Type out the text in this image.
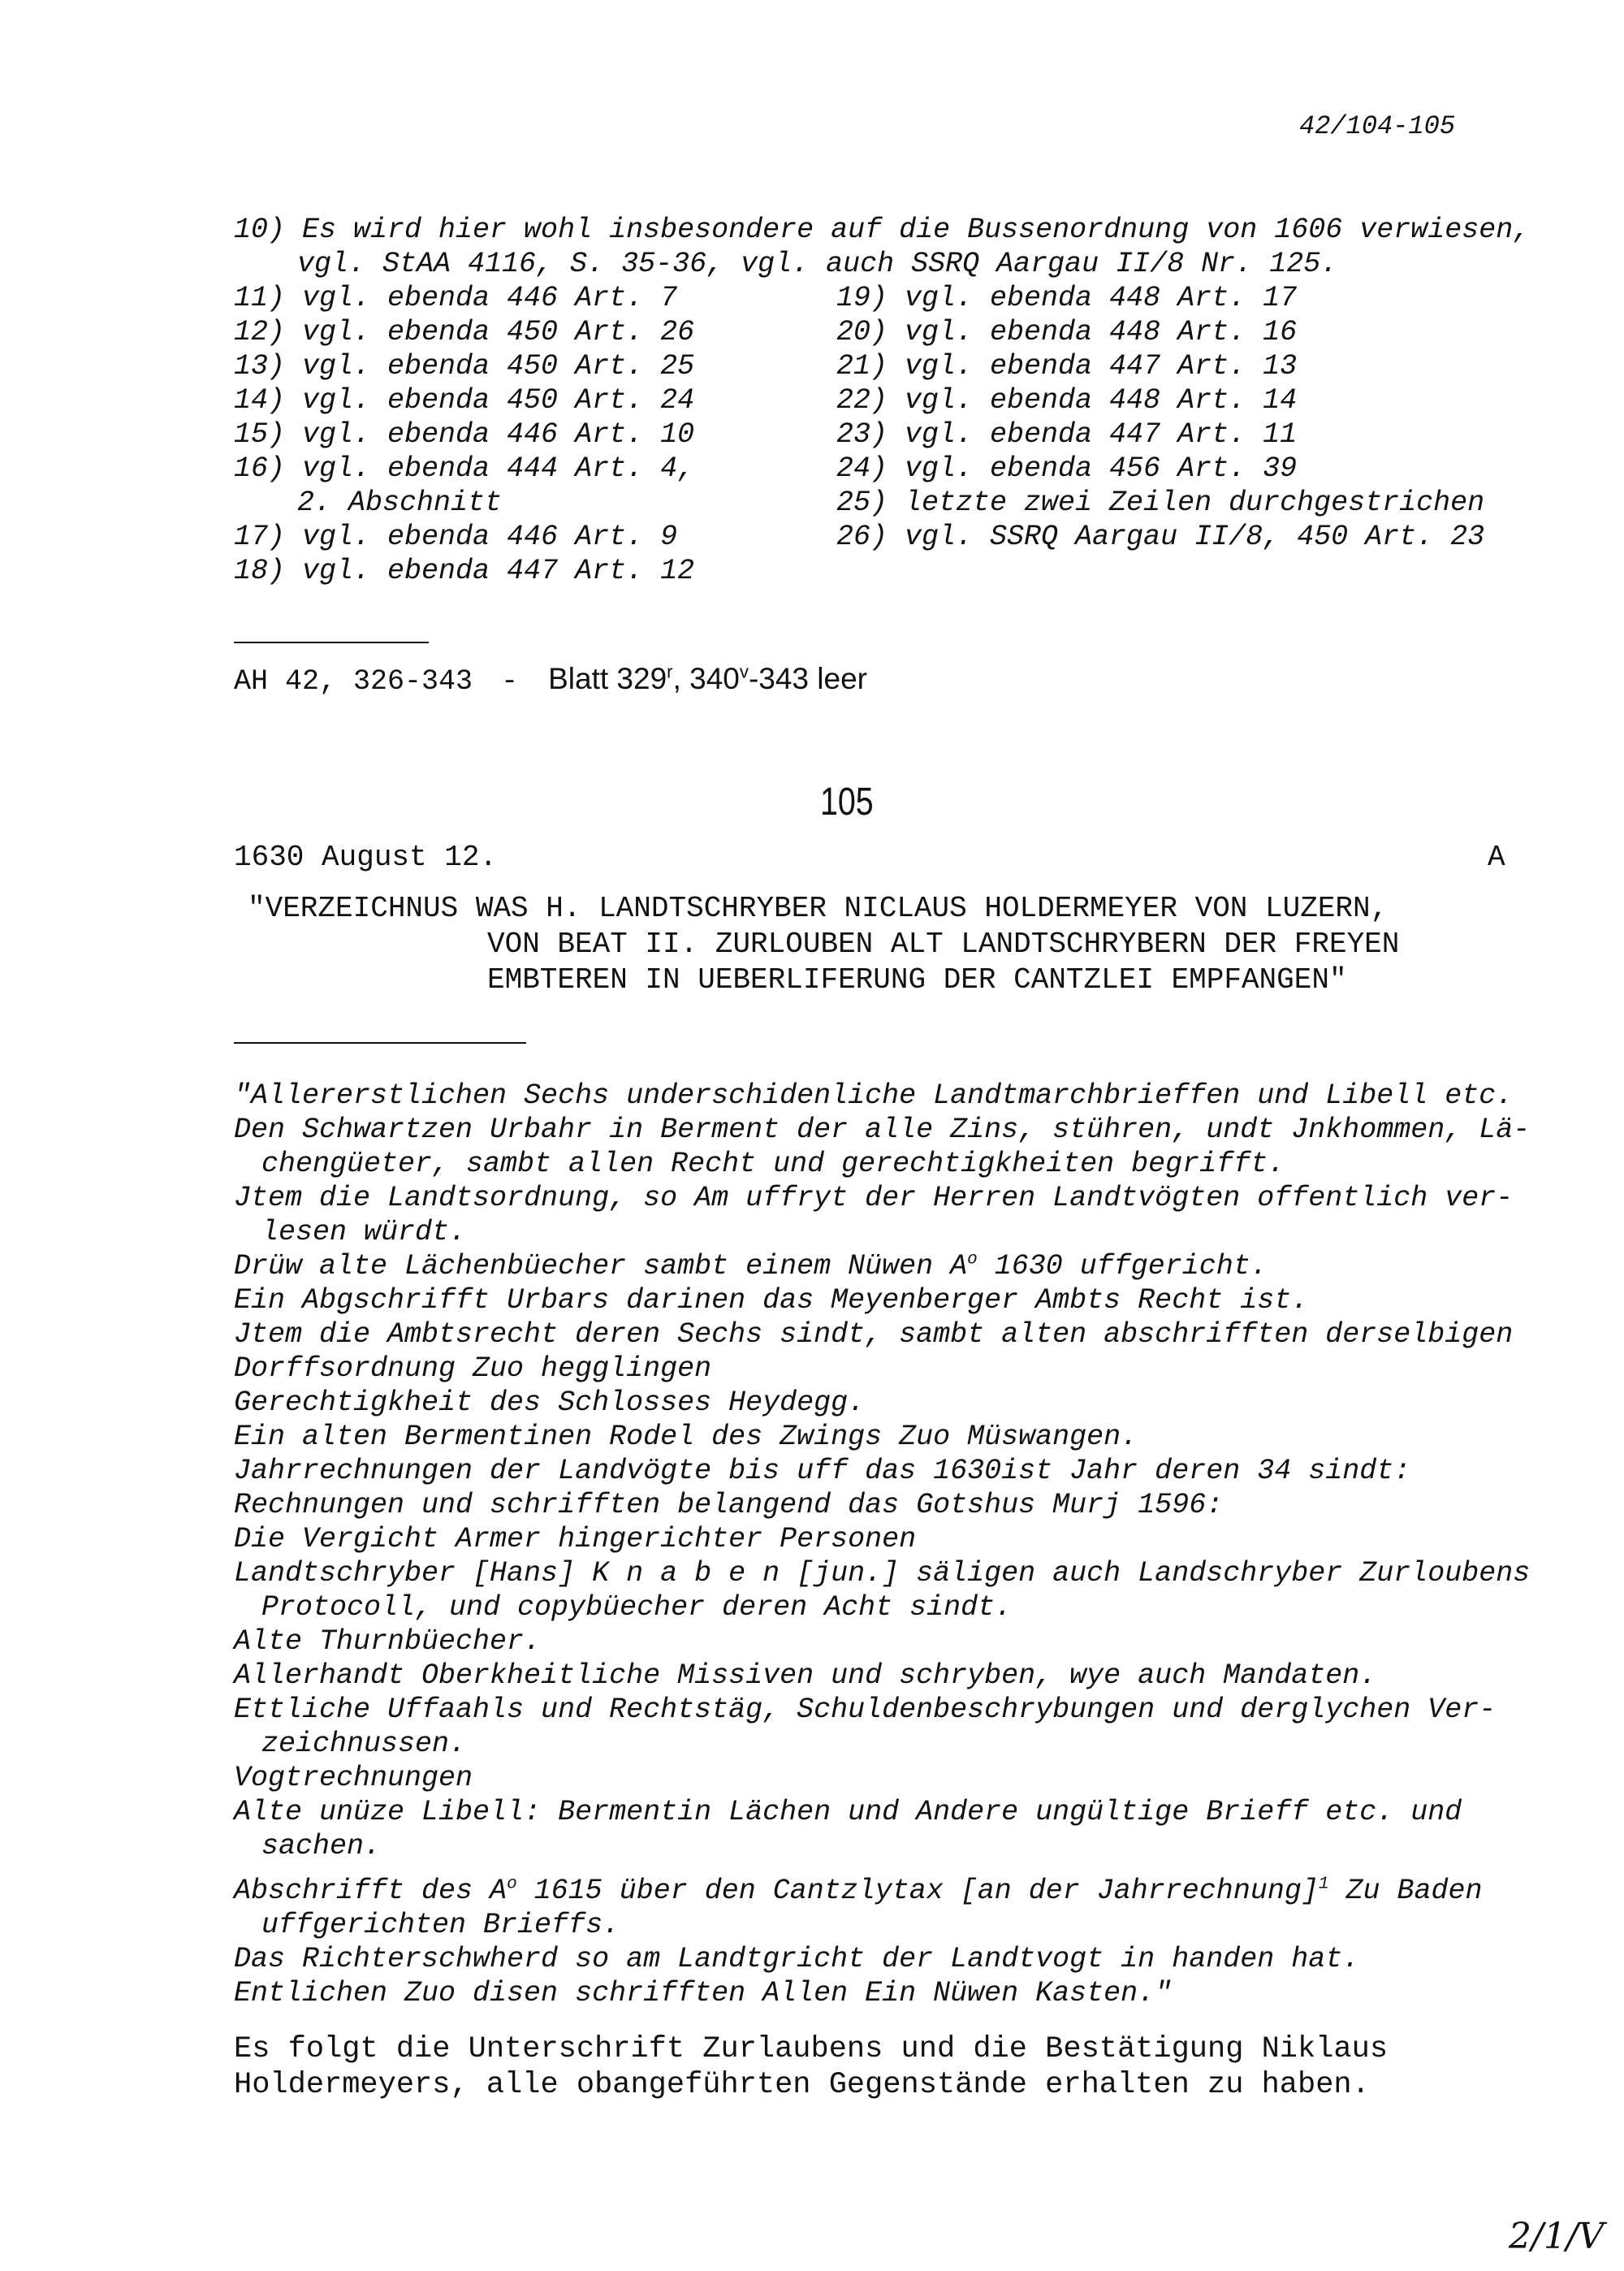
42/104-105
10) Es wird hier wohl insbesondere auf die Bussenordnung von 1606 verwiesen,
vgl. StAA 4116, S. 35-36, vgl. auch SSRQ Aargau II/8 Nr. 125.
11) vgl. ebenda 446 Art. 7
12) vgl. ebenda 450 Art. 26
13) vgl. ebenda 450 Art. 25
14) vgl. ebenda 450 Art. 24
15) vgl. ebenda 446 Art. 10
16) vgl. ebenda 444 Art. 4,
2. Abschnitt
17) vgl. ebenda 446 Art. 9
18) vgl. ebenda 447 Art. 12
19) vgl. ebenda 448 Art. 17
20) vgl. ebenda 448 Art. 16
21) vgl. ebenda 447 Art. 13
22) vgl. ebenda 448 Art. 14
23) vgl. ebenda 447 Art. 11
24) vgl. ebenda 456 Art. 39
25) letzte zwei Zeilen durchgestrichen
26) vgl. SSRQ Aargau II/8, 450 Art. 23
AH 42, 326-343 - Blatt 329$^r$, 340$^v$-343 leer
105
1630 August 12.	A
"VERZEICHNUS WAS H. LANDTSCHRYBER NICLAUS HOLDERMEYER VON LUZERN,
VON BEAT II. ZURLOUBEN ALT LANDTSCHRYBERN DER FREYEN
EMBTEREN IN UEBERLIFERUNG DER CANTZLEI EMPFANGEN"
"Allererstlichen Sechs underschidenliche Landtmarchbrieffen und Libell etc.
Den Schwartzen Urbahr in Berment der alle Zins, stühren, undt Jnkhommen, Lä-
chengüeter, sambt allen Recht und gerechtigkheiten begrifft.
Jtem die Landtsordnung, so Am uffryt der Herren Landtvögten offentlich ver-
lesen würdt.
Drüw alte Lächenbüecher sambt einem Nüwen $A^o$ 1630 uffgericht.
Ein Abgschrifft Urbars darinen das Meyenberger Ambts Recht ist.
Jtem die Ambtsrecht deren Sechs sindt, sambt alten abschrifften derselbigen
Dorffsordnung Zuo hegglingen
Gerechtigkheit des Schlosses Heydegg.
Ein alten Bermentinen Rodel des Zwings Zuo Müswangen.
Jahrrechnungen der Landvögte bis uff das 1630ist Jahr deren 34 sindt:
Rechnungen und schrifften belangend das Gotshus Murj 1596:
Die Vergicht Armer hingerichter Personen
Landtschryber [Hans] K n a b e n [jun.] säligen auch Landschryber Zurloubens
Protocoll, und copybüecher deren Acht sindt.
Alte Thurnbüecher.
Allerhandt Oberkheitliche Missiven und schryben, wye auch Mandaten.
Ettliche Uffaahls und Rechtstäg, Schuldenbeschrybungen und derglychen Ver-
zeichnussen.
Vogtrechnungen
Alte unüze Libell: Bermentin Lächen und Andere ungültige Brieff etc. und
sachen.
Abschrifft des $A^o$ 1615 über den Cantzlytax [an der Jahrrechnung]$^1$ Zu Baden
uffgerichten Brieffs.
Das Richterschwherd so am Landtgricht der Landtvogt in handen hat.
Entlichen Zuo disen schrifften Allen Ein Nüwen Kasten."
Es folgt die Unterschrift Zurlaubens und die Bestätigung Niklaus
Holdermeyers, alle obangeführten Gegenstände erhalten zu haben.
2/1/V
